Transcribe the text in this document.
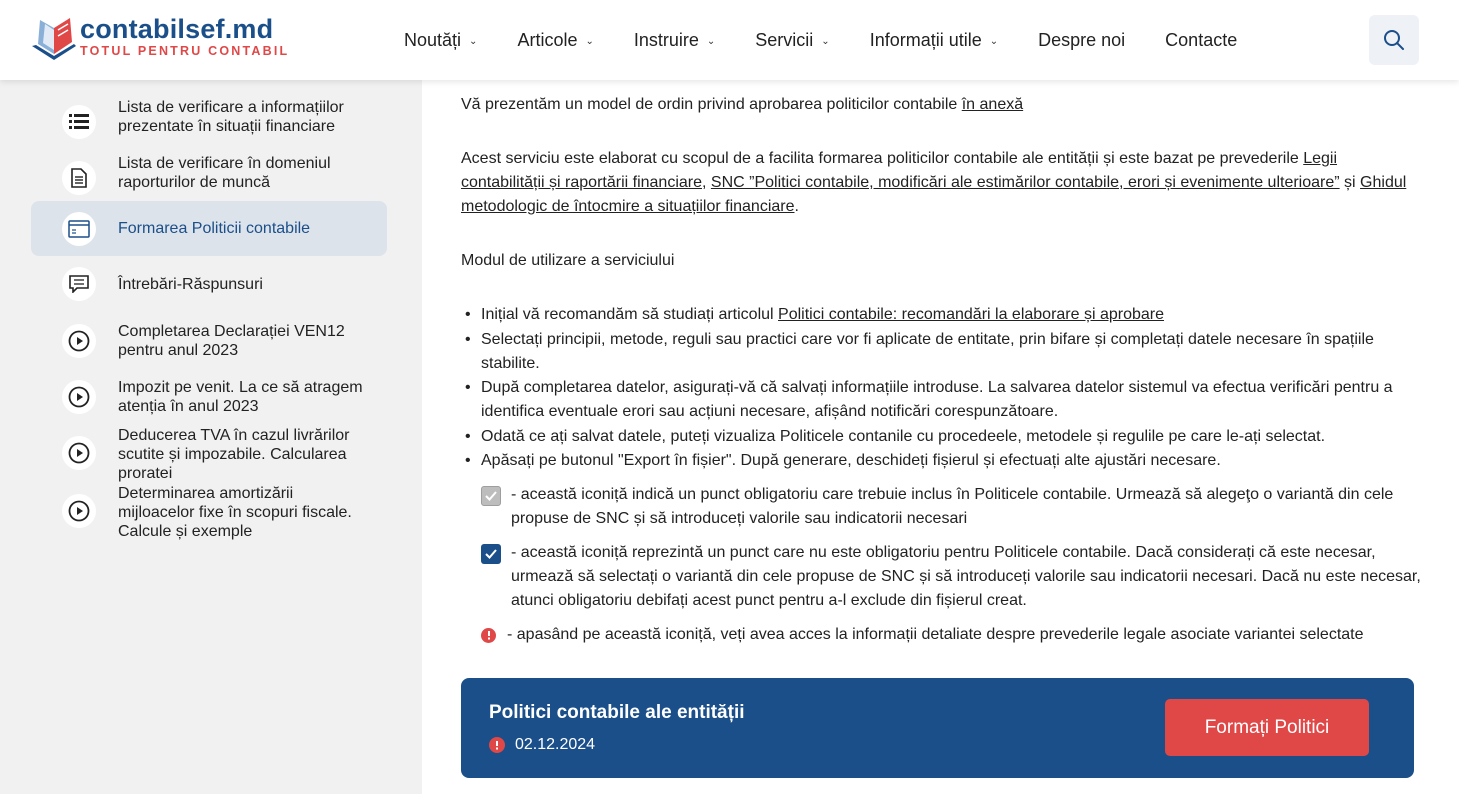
contabilsef.md
TOTUL PENTRU CONTABIL
Noutăți ⌄ Articole ⌄ Instruire ⌄ Servicii ⌄ Informații utile ⌄ Despre noi Contacte
Lista de verificare a informațiilor prezentate în situații financiare
Lista de verificare în domeniul raporturilor de muncă
Formarea Politicii contabile
Întrebări-Răspunsuri
Completarea Declarației VEN12 pentru anul 2023
Impozit pe venit. La ce să atragem atenția în anul 2023
Deducerea TVA în cazul livrărilor scutite și impozabile. Calcularea proratei
Determinarea amortizării mijloacelor fixe în scopuri fiscale. Calcule și exemple
Vă prezentăm un model de ordin privind aprobarea politicilor contabile în anexă
Acest serviciu este elaborat cu scopul de a facilita formarea politicilor contabile ale entității și este bazat pe prevederile Legii contabilității și raportării financiare, SNC ”Politici contabile, modificări ale estimărilor contabile, erori și evenimente ulterioare” și Ghidul metodologic de întocmire a situațiilor financiare.
Modul de utilizare a serviciului
• Inițial vă recomandăm să studiați articolul Politici contabile: recomandări la elaborare și aprobare
• Selectați principii, metode, reguli sau practici care vor fi aplicate de entitate, prin bifare și completați datele necesare în spațiile stabilite.
• După completarea datelor, asigurați-vă că salvați informațiile introduse. La salvarea datelor sistemul va efectua verificări pentru a identifica eventuale erori sau acțiuni necesare, afișând notificări corespunzătoare.
• Odată ce ați salvat datele, puteți vizualiza Politicele contanile cu procedeele, metodele și regulile pe care le-ați selectat.
• Apăsați pe butonul "Export în fișier". După generare, deschideți fișierul și efectuați alte ajustări necesare.
- această iconiță indică un punct obligatoriu care trebuie inclus în Politicele contabile. Urmează să alegeţo o variantă din cele propuse de SNC și să introduceți valorile sau indicatorii necesari
- această iconiță reprezintă un punct care nu este obligatoriu pentru Politicele contabile. Dacă considerați că este necesar, urmează să selectați o variantă din cele propuse de SNC și să introduceți valorile sau indicatorii necesari. Dacă nu este necesar, atunci obligatoriu debifați acest punct pentru a-l exclude din fișierul creat.
- apasând pe această iconiță, veți avea acces la informații detaliate despre prevederile legale asociate variantei selectate
Politici contabile ale entității
02.12.2024
Formați Politici
